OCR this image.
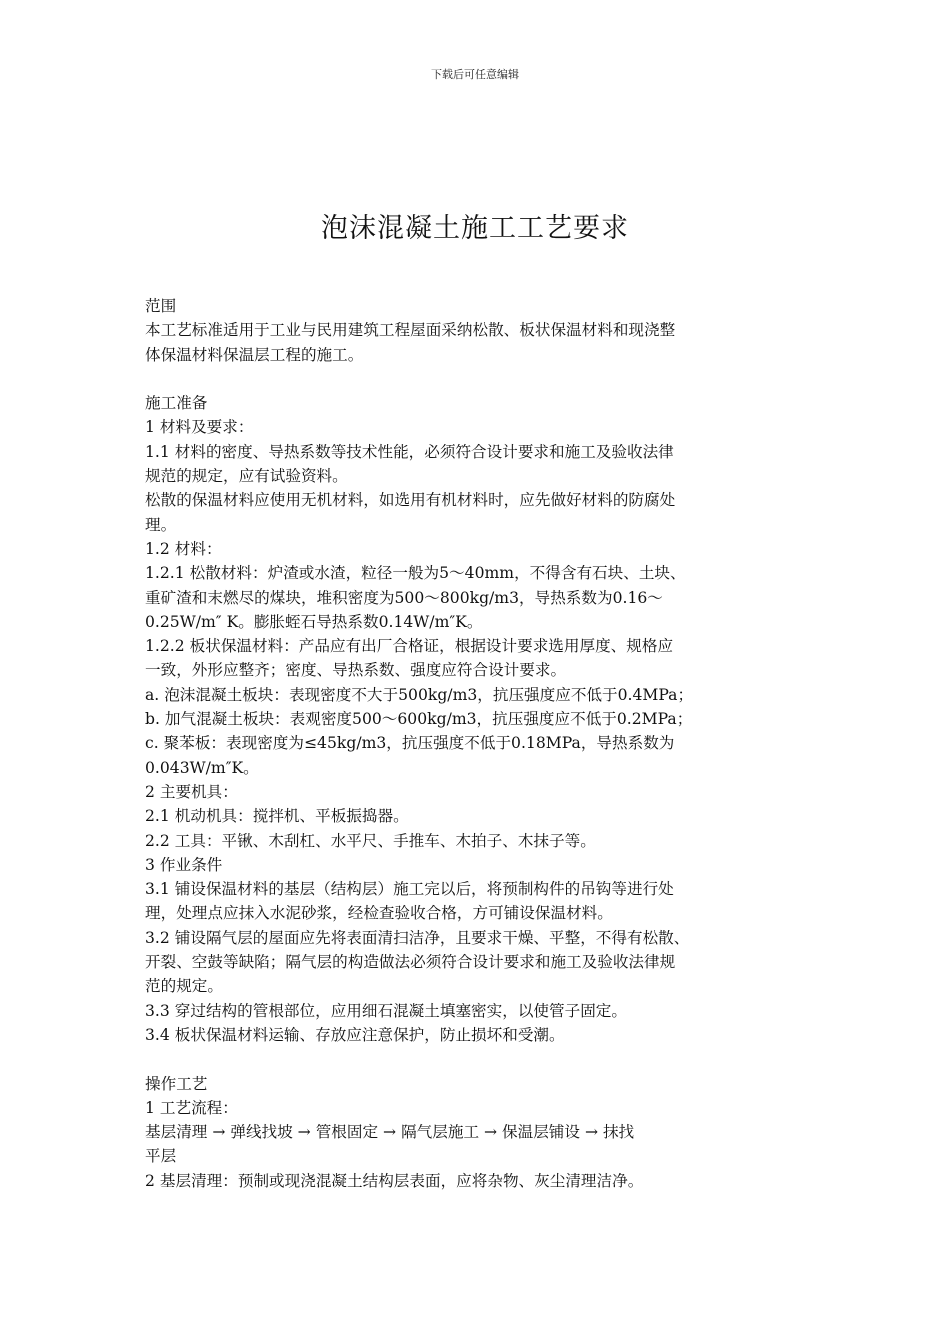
下载后可任意编辑
泡沫混凝土施工工艺要求
范围
本工艺标准适用于工业与民用建筑工程屋面采纳松散、板状保温材料和现浇整
体保温材料保温层工程的施工。
施工准备
1 材料及要求：
1.1 材料的密度、导热系数等技术性能，必须符合设计要求和施工及验收法律
规范的规定，应有试验资料。
松散的保温材料应使用无机材料，如选用有机材料时，应先做好材料的防腐处
理。
1.2 材料：
1.2.1 松散材料：炉渣或水渣，粒径一般为5～40mm，不得含有石块、土块、
重矿渣和末燃尽的煤块，堆积密度为500～800kg/m3，导热系数为0.16～
0.25W/m″ K。膨胀蛭石导热系数0.14W/m″K。
1.2.2 板状保温材料：产品应有出厂合格证，根据设计要求选用厚度、规格应
一致，外形应整齐；密度、导热系数、强度应符合设计要求。
a. 泡沫混凝土板块：表现密度不大于500kg/m3，抗压强度应不低于0.4MPa；
b. 加气混凝土板块：表观密度500～600kg/m3，抗压强度应不低于0.2MPa；
c. 聚苯板：表现密度为≤45kg/m3，抗压强度不低于0.18MPa，导热系数为
0.043W/m″K。
2 主要机具：
2.1 机动机具：搅拌机、平板振捣器。
2.2 工具：平锹、木刮杠、水平尺、手推车、木拍子、木抹子等。
3 作业条件
3.1 铺设保温材料的基层（结构层）施工完以后，将预制构件的吊钩等进行处
理，处理点应抹入水泥砂浆，经检查验收合格，方可铺设保温材料。
3.2 铺设隔气层的屋面应先将表面清扫洁净，且要求干燥、平整，不得有松散、
开裂、空鼓等缺陷；隔气层的构造做法必须符合设计要求和施工及验收法律规
范的规定。
3.3 穿过结构的管根部位，应用细石混凝土填塞密实，以使管子固定。
3.4 板状保温材料运输、存放应注意保护，防止损坏和受潮。
操作工艺
1 工艺流程：
基层清理 → 弹线找坡 → 管根固定 → 隔气层施工 → 保温层铺设 → 抹找
平层
2 基层清理：预制或现浇混凝土结构层表面，应将杂物、灰尘清理洁净。
